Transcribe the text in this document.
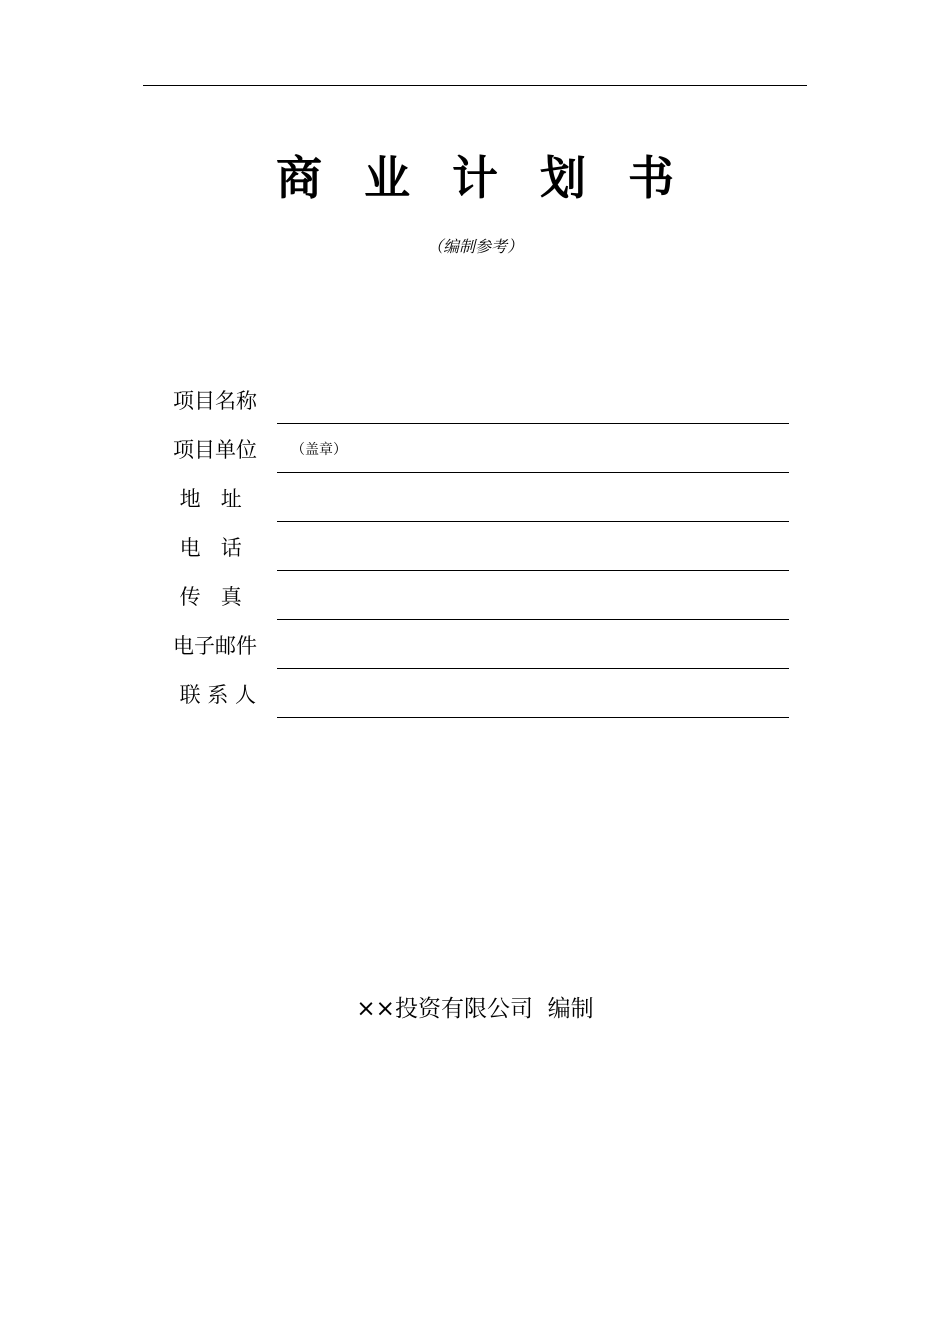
商业计划书
（编制参考）
项目名称
项目单位	（盖章）
地   址
电   话
传   真
电子邮件
联 系 人
××投资有限公司  编制
